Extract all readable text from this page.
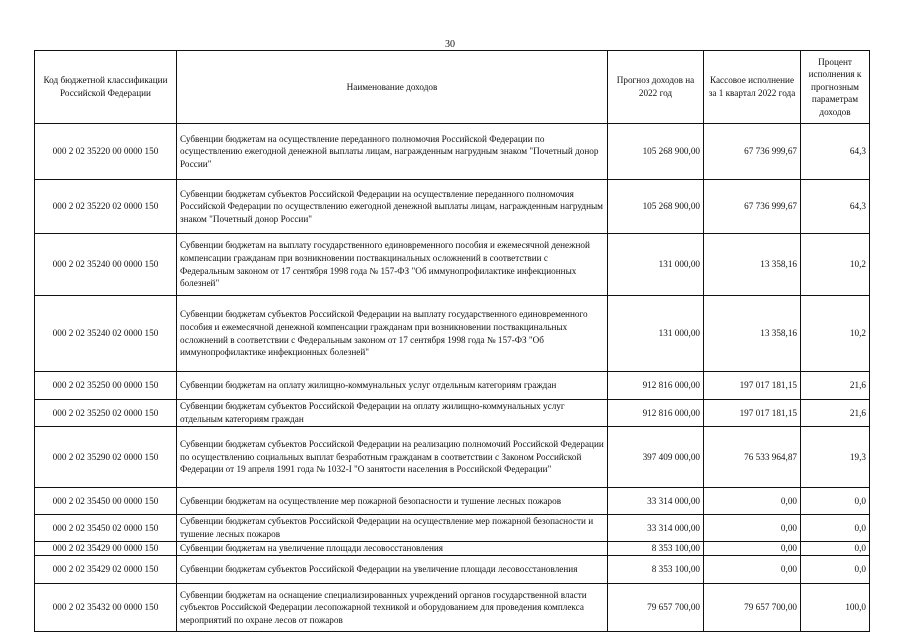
30
Код бюджетной классификации Российской Федерации	Наименование доходов	Прогноз доходов на 2022 год	Кассовое исполнение за 1 квартал 2022 года	Процент исполнения к прогнозным параметрам доходов
000 2 02 35220 00 0000 150	Субвенции бюджетам на осуществление переданного полномочия Российской Федерации по осуществлению ежегодной денежной выплаты лицам, награжденным нагрудным знаком "Почетный донор России"	105 268 900,00	67 736 999,67	64,3
000 2 02 35220 02 0000 150	Субвенции бюджетам субъектов Российской Федерации на осуществление переданного полномочия Российской Федерации по осуществлению ежегодной денежной выплаты лицам, награжденным нагрудным знаком "Почетный донор России"	105 268 900,00	67 736 999,67	64,3
000 2 02 35240 00 0000 150	Субвенции бюджетам на выплату государственного единовременного пособия и ежемесячной денежной компенсации гражданам при возникновении поствакцинальных осложнений в соответствии с Федеральным законом от 17 сентября 1998 года № 157-ФЗ "Об иммунопрофилактике инфекционных болезней"	131 000,00	13 358,16	10,2
000 2 02 35240 02 0000 150	Субвенции бюджетам субъектов Российской Федерации на выплату государственного единовременного пособия и ежемесячной денежной компенсации гражданам при возникновении поствакцинальных осложнений в соответствии с Федеральным законом от 17 сентября 1998 года № 157-ФЗ "Об иммунопрофилактике инфекционных болезней"	131 000,00	13 358,16	10,2
000 2 02 35250 00 0000 150	Субвенции бюджетам на оплату жилищно-коммунальных услуг отдельным категориям граждан	912 816 000,00	197 017 181,15	21,6
000 2 02 35250 02 0000 150	Субвенции бюджетам субъектов Российской Федерации на оплату жилищно-коммунальных услуг отдельным категориям граждан	912 816 000,00	197 017 181,15	21,6
000 2 02 35290 02 0000 150	Субвенции бюджетам субъектов Российской Федерации на реализацию полномочий Российской Федерации по осуществлению социальных выплат безработным гражданам в соответствии с Законом Российской Федерации от 19 апреля 1991 года № 1032-I "О занятости населения в Российской Федерации"	397 409 000,00	76 533 964,87	19,3
000 2 02 35450 00 0000 150	Субвенции бюджетам на осуществление мер пожарной безопасности и тушение лесных пожаров	33 314 000,00	0,00	0,0
000 2 02 35450 02 0000 150	Субвенции бюджетам субъектов Российской Федерации на осуществление мер пожарной безопасности и тушение лесных пожаров	33 314 000,00	0,00	0,0
000 2 02 35429 00 0000 150	Субвенции бюджетам на увеличение площади лесовосстановления	8 353 100,00	0,00	0,0
000 2 02 35429 02 0000 150	Субвенции бюджетам субъектов Российской Федерации на увеличение площади лесовосстановления	8 353 100,00	0,00	0,0
000 2 02 35432 00 0000 150	Субвенции бюджетам на оснащение специализированных учреждений органов государственной власти субъектов Российской Федерации лесопожарной техникой и оборудованием для проведения комплекса мероприятий по охране лесов от пожаров	79 657 700,00	79 657 700,00	100,0
